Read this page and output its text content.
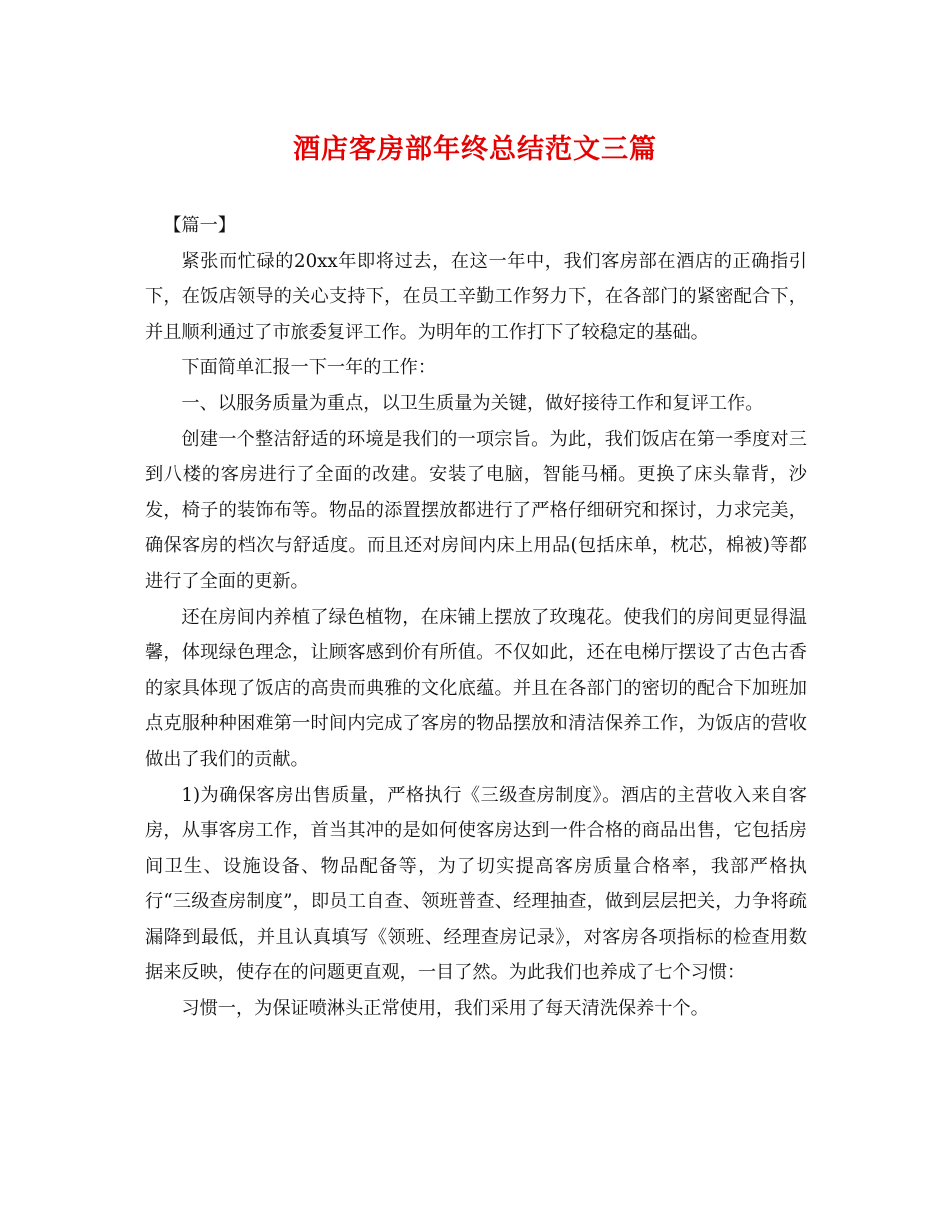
酒店客房部年终总结范文三篇

【篇一】

紧张而忙碌的20xx年即将过去，在这一年中，我们客房部在酒店的正确指引下，在饭店领导的关心支持下，在员工辛勤工作努力下，在各部门的紧密配合下，并且顺利通过了市旅委复评工作。为明年的工作打下了较稳定的基础。

下面简单汇报一下一年的工作：

一、以服务质量为重点，以卫生质量为关键，做好接待工作和复评工作。

创建一个整洁舒适的环境是我们的一项宗旨。为此，我们饭店在第一季度对三到八楼的客房进行了全面的改建。安装了电脑，智能马桶。更换了床头靠背，沙发，椅子的装饰布等。物品的添置摆放都进行了严格仔细研究和探讨，力求完美，确保客房的档次与舒适度。而且还对房间内床上用品(包括床单，枕芯，棉被)等都进行了全面的更新。

还在房间内养植了绿色植物，在床铺上摆放了玫瑰花。使我们的房间更显得温馨，体现绿色理念，让顾客感到价有所值。不仅如此，还在电梯厅摆设了古色古香的家具体现了饭店的高贵而典雅的文化底蕴。并且在各部门的密切的配合下加班加点克服种种困难第一时间内完成了客房的物品摆放和清洁保养工作，为饭店的营收做出了我们的贡献。

1)为确保客房出售质量，严格执行《三级查房制度》。酒店的主营收入来自客房，从事客房工作，首当其冲的是如何使客房达到一件合格的商品出售，它包括房间卫生、设施设备、物品配备等，为了切实提高客房质量合格率，我部严格执行“三级查房制度”，即员工自查、领班普查、经理抽查，做到层层把关，力争将疏漏降到最低，并且认真填写《领班、经理查房记录》，对客房各项指标的检查用数据来反映，使存在的问题更直观，一目了然。为此我们也养成了七个习惯：

习惯一，为保证喷淋头正常使用，我们采用了每天清洗保养十个。
